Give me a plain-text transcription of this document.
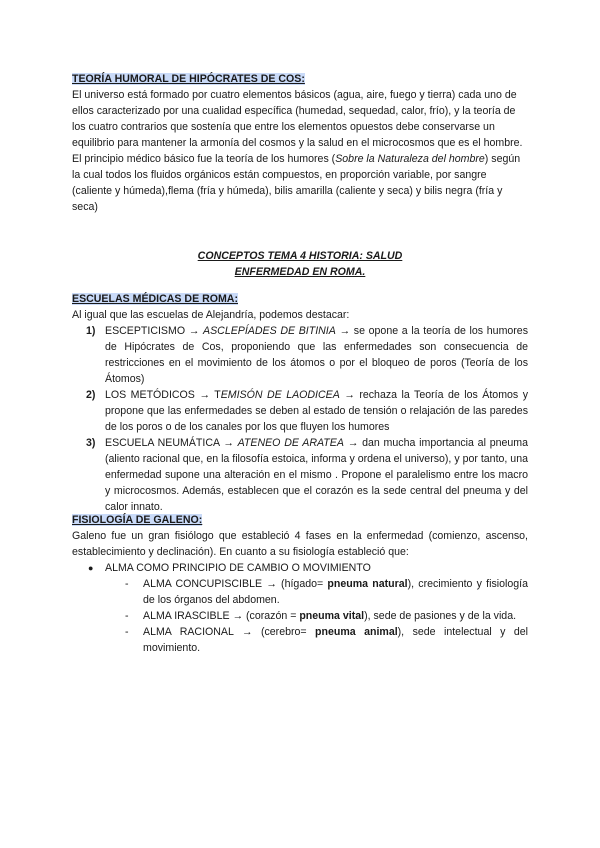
TEORÍA HUMORAL DE HIPÓCRATES DE COS:

El universo está formado por cuatro elementos básicos (agua, aire, fuego y tierra) cada uno de ellos caracterizado por una cualidad específica (humedad, sequedad, calor, frío), y la teoría de los cuatro contrarios que sostenía que entre los elementos opuestos debe conservarse un equilibrio para mantener la armonía del cosmos y la salud en el microcosmos que es el hombre.

El principio médico básico fue la teoría de los humores (Sobre la Naturaleza del hombre) según la cual todos los fluidos orgánicos están compuestos, en proporción variable, por sangre (caliente y húmeda),flema (fría y húmeda), bilis amarilla (caliente y seca) y bilis negra (fría y seca)

CONCEPTOS TEMA 4 HISTORIA: SALUD
ENFERMEDAD EN ROMA.

ESCUELAS MÉDICAS DE ROMA:

Al igual que las escuelas de Alejandría, podemos destacar:

1) ESCEPTICISMO → ASCLEPÍADES DE BITINIA → se opone a la teoría de los humores de Hipócrates de Cos, proponiendo que las enfermedades son consecuencia de restricciones en el movimiento de los átomos o por el bloqueo de poros (Teoría de los Átomos)
2) LOS METÓDICOS → TEMISÓN DE LAODICEA → rechaza la Teoría de los Átomos y propone que las enfermedades se deben al estado de tensión o relajación de las paredes de los poros o de los canales por los que fluyen los humores
3) ESCUELA NEUMÁTICA → ATENEO DE ARATEA → dan mucha importancia al pneuma (aliento racional que, en la filosofía estoica, informa y ordena el universo), y por tanto, una enfermedad supone una alteración en el mismo . Propone el paralelismo entre los macro y microcosmos. Además, establecen que el corazón es la sede central del pneuma y del calor innato.

FISIOLOGÍA DE GALENO:

Galeno fue un gran fisiólogo que estableció 4 fases en la enfermedad (comienzo, ascenso, establecimiento y declinación). En cuanto a su fisiología estableció que:

● ALMA COMO PRINCIPIO DE CAMBIO O MOVIMIENTO
- ALMA CONCUPISCIBLE → (hígado= pneuma natural), crecimiento y fisiología de los órganos del abdomen.
- ALMA IRASCIBLE → (corazón = pneuma vital), sede de pasiones y de la vida.
- ALMA RACIONAL → (cerebro= pneuma animal), sede intelectual y del movimiento.
